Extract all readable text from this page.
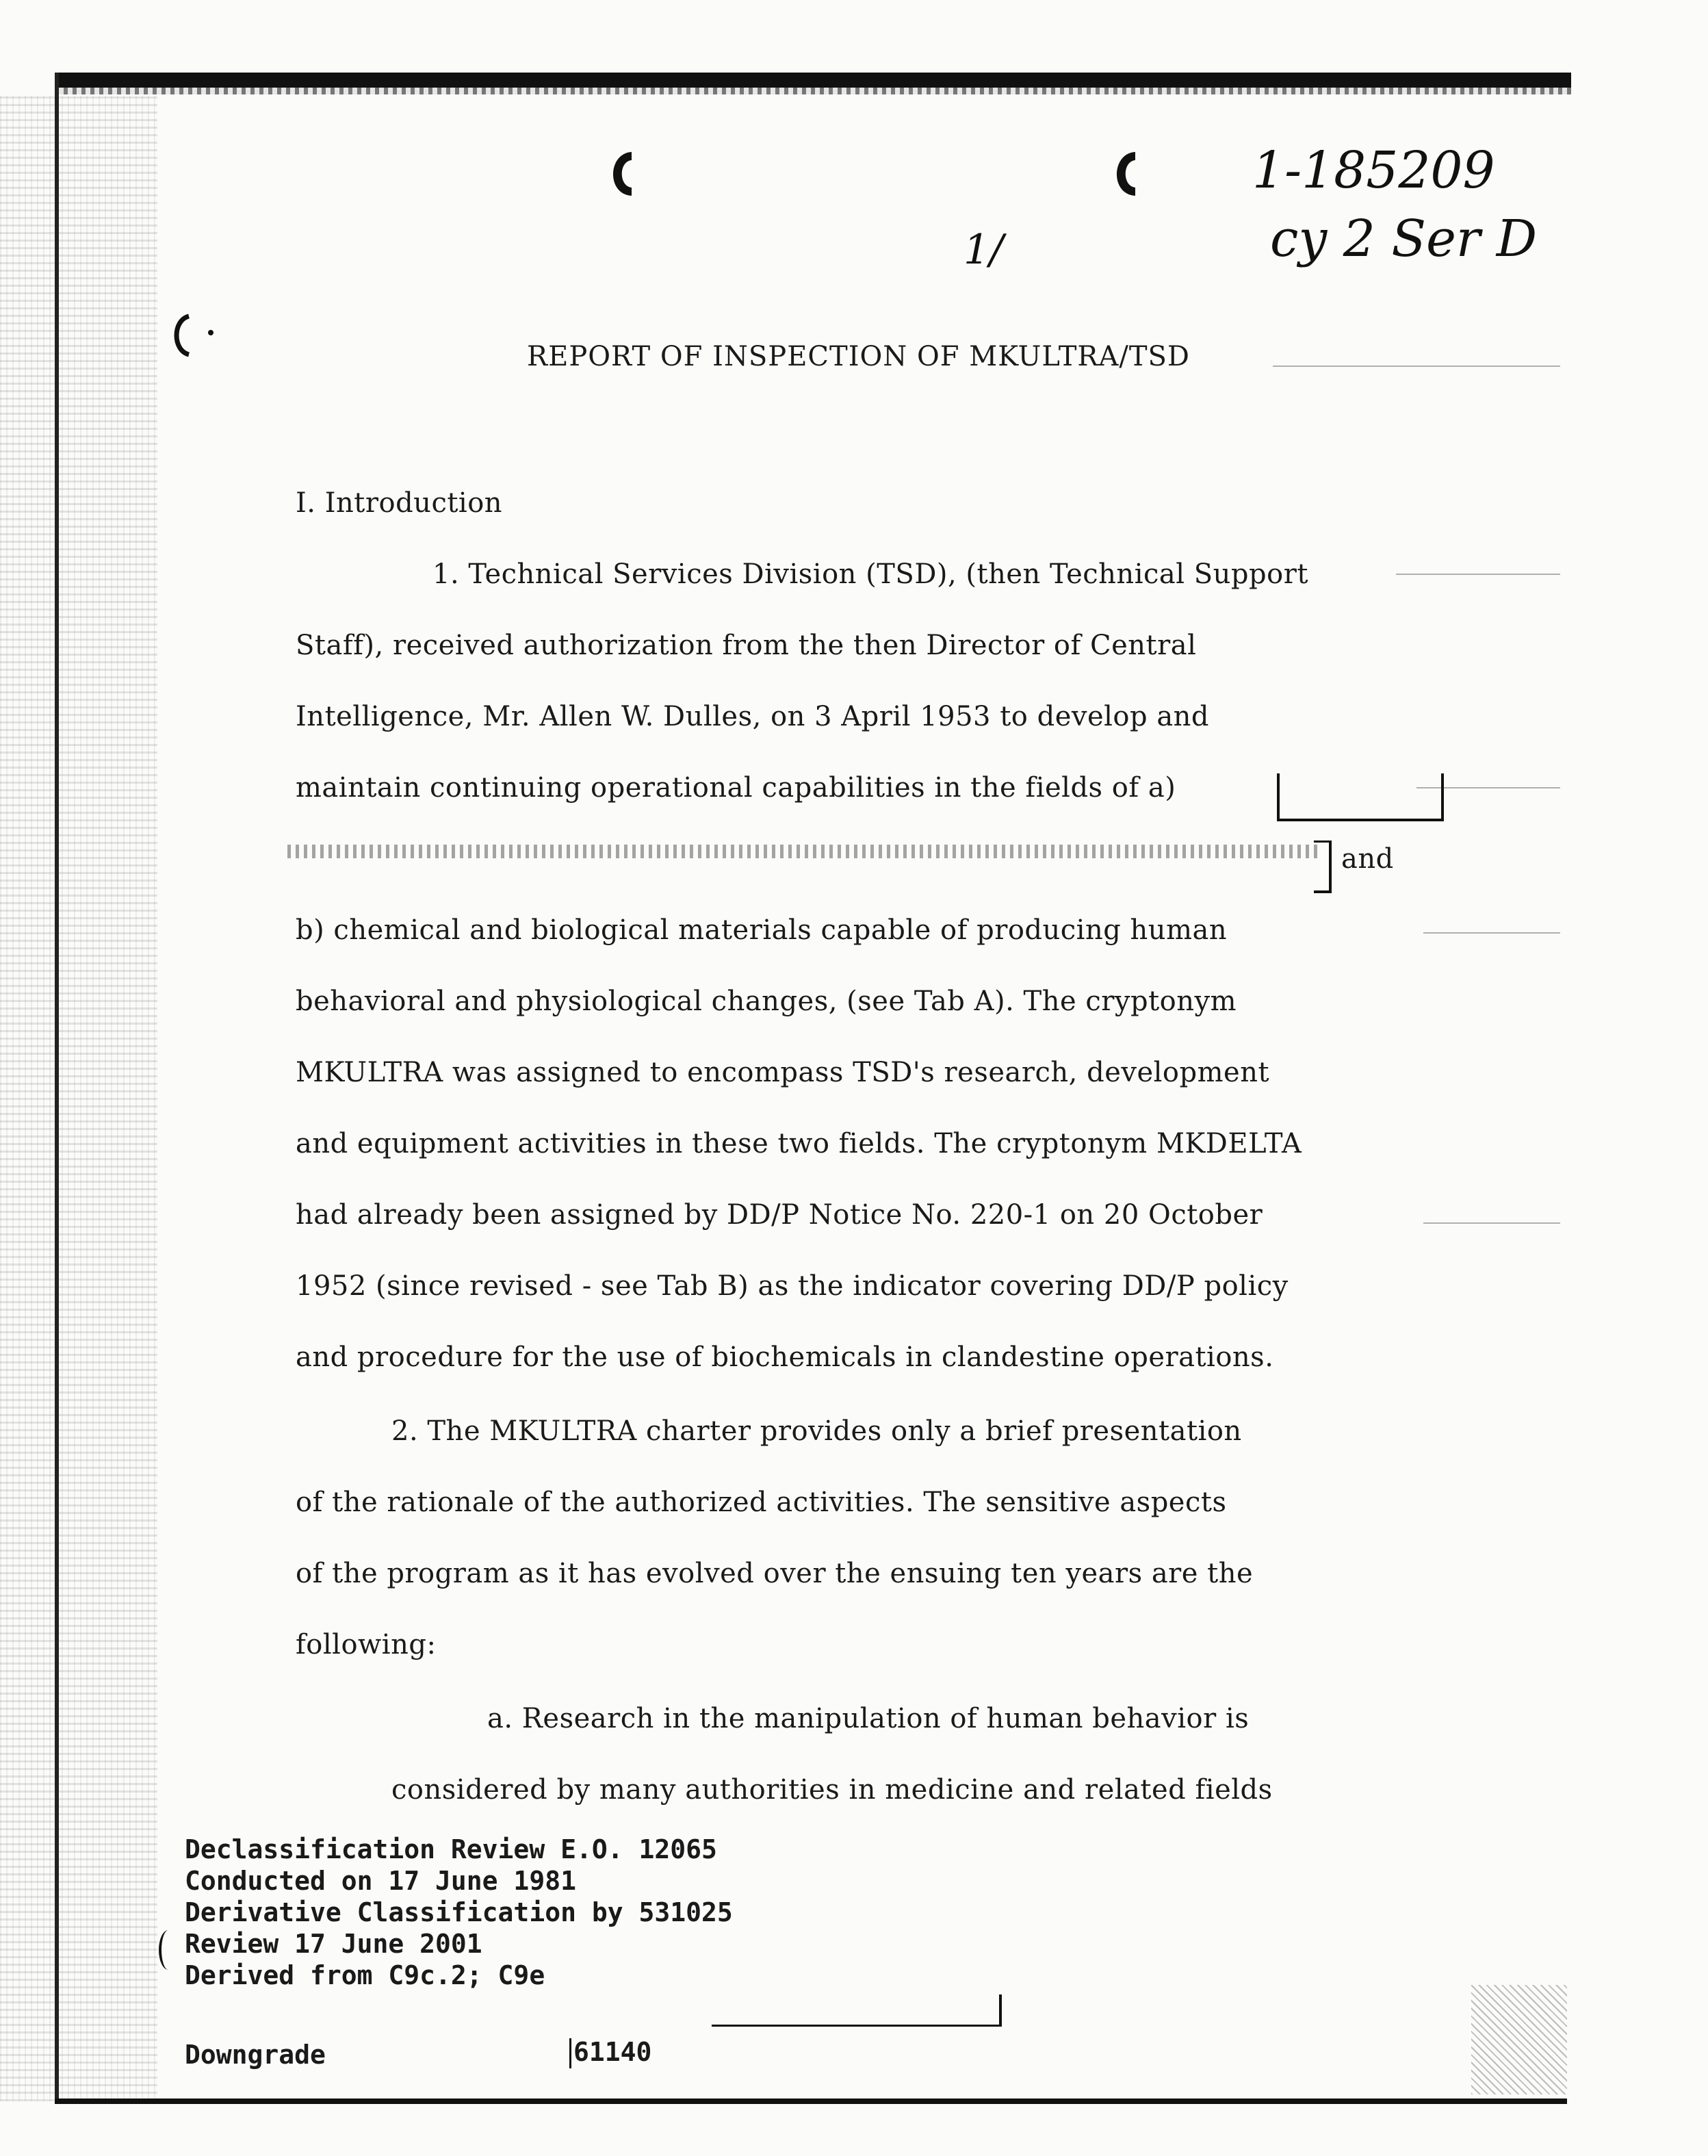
1-185209
cy 2 Ser D
1/
REPORT OF INSPECTION OF MKULTRA/TSD
I. Introduction
1. Technical Services Division (TSD), (then Technical Support
Staff), received authorization from the then Director of Central
Intelligence, Mr. Allen W. Dulles, on 3 April 1953 to develop and
maintain continuing operational capabilities in the fields of a)
and
b) chemical and biological materials capable of producing human
behavioral and physiological changes, (see Tab A). The cryptonym
MKULTRA was assigned to encompass TSD's research, development
and equipment activities in these two fields. The cryptonym MKDELTA
had already been assigned by DD/P Notice No. 220-1 on 20 October
1952 (since revised - see Tab B) as the indicator covering DD/P policy
and procedure for the use of biochemicals in clandestine operations.
2. The MKULTRA charter provides only a brief presentation
of the rationale of the authorized activities. The sensitive aspects
of the program as it has evolved over the ensuing ten years are the
following:
a. Research in the manipulation of human behavior is
considered by many authorities in medicine and related fields
Declassification Review E.O. 12065
Conducted on 17 June 1981
Derivative Classification by 531025
Review 17 June 2001
Derived from C9c.2; C9e
Downgrade	61140
